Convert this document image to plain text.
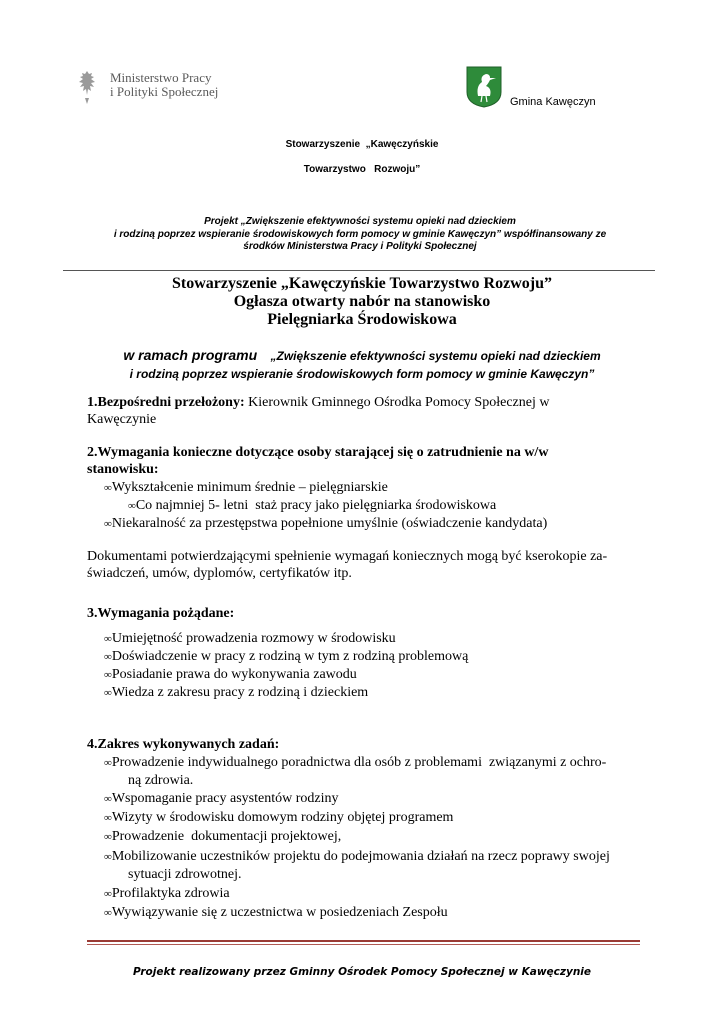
Ministerstwo Pracy
i Polityki Społecznej
Gmina Kawęczyn
Stowarzyszenie  „Kawęczyńskie
Towarzystwo   Rozwoju”
Projekt „Zwiększenie efektywności systemu opieki nad dzieckiem
i rodziną poprzez wspieranie środowiskowych form pomocy w gminie Kawęczyn” współfinansowany ze
środków Ministerstwa Pracy i Polityki Społecznej
Stowarzyszenie „Kawęczyńskie Towarzystwo Rozwoju”
Ogłasza otwarty nabór na stanowisko
Pielęgniarka Środowiskowa
w ramach programu „Zwiększenie efektywności systemu opieki nad dzieckiem
i rodziną poprzez wspieranie środowiskowych form pomocy w gminie Kawęczyn”
1.Bezpośredni przełożony: Kierownik Gminnego Ośrodka Pomocy Społecznej w
Kawęczynie
2.Wymagania konieczne dotyczące osoby starającej się o zatrudnienie na w/w
stanowisku:
∞Wykształcenie minimum średnie – pielęgniarskie
∞Co najmniej 5- letni  staż pracy jako pielęgniarka środowiskowa
∞Niekaralność za przestępstwa popełnione umyślnie (oświadczenie kandydata)
Dokumentami potwierdzającymi spełnienie wymagań koniecznych mogą być kserokopie za-
świadczeń, umów, dyplomów, certyfikatów itp.
3.Wymagania pożądane:
∞Umiejętność prowadzenia rozmowy w środowisku
∞Doświadczenie w pracy z rodziną w tym z rodziną problemową
∞Posiadanie prawa do wykonywania zawodu
∞Wiedza z zakresu pracy z rodziną i dzieckiem
4.Zakres wykonywanych zadań:
∞Prowadzenie indywidualnego poradnictwa dla osób z problemami  związanymi z ochro-
ną zdrowia.
∞Wspomaganie pracy asystentów rodziny
∞Wizyty w środowisku domowym rodziny objętej programem
∞Prowadzenie  dokumentacji projektowej,
∞Mobilizowanie uczestników projektu do podejmowania działań na rzecz poprawy swojej
sytuacji zdrowotnej.
∞Profilaktyka zdrowia
∞Wywiązywanie się z uczestnictwa w posiedzeniach Zespołu
Projekt realizowany przez Gminny Ośrodek Pomocy Społecznej w Kawęczynie
